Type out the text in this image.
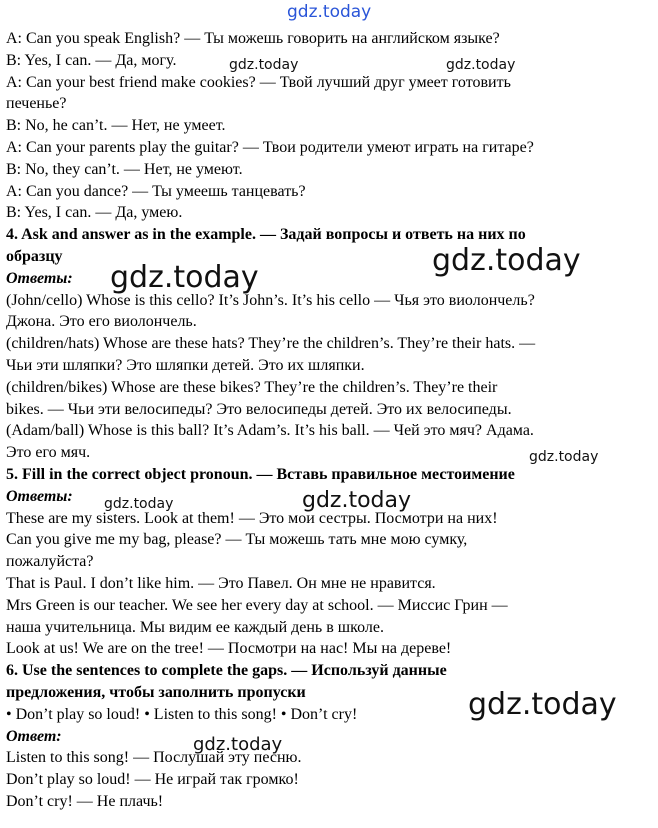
A: Can you speak English? — Ты можешь говорить на английском языке?
B: Yes, I can. — Да, могу.
A: Can your best friend make cookies? — Твой лучший друг умеет готовить
печенье?
B: No, he can’t. — Нет, не умеет.
A: Can your parents play the guitar? — Твои родители умеют играть на гитаре?
B: No, they can’t. — Нет, не умеют.
A: Can you dance? — Ты умеешь танцевать?
B: Yes, I can. — Да, умею.
4. Ask and answer as in the example. — Задай вопросы и ответь на них по
образцу
Ответы:
(John/cello) Whose is this cello? It’s John’s. It’s his cello — Чья это виолончель?
Джона. Это его виолончель.
(children/hats) Whose are these hats? They’re the children’s. They’re their hats. —
Чьи эти шляпки? Это шляпки детей. Это их шляпки.
(children/bikes) Whose are these bikes? They’re the children’s. They’re their
bikes. — Чьи эти велосипеды? Это велосипеды детей. Это их велосипеды.
(Adam/ball) Whose is this ball? It’s Adam’s. It’s his ball. — Чей это мяч? Адама.
Это его мяч.
5. Fill in the correct object pronoun. — Вставь правильное местоимение
Ответы:
These are my sisters. Look at them! — Это мои сестры. Посмотри на них!
Can you give me my bag, please? — Ты можешь тать мне мою сумку,
пожалуйста?
That is Paul. I don’t like him. — Это Павел. Он мне не нравится.
Mrs Green is our teacher. We see her every day at school. — Миссис Грин —
наша учительница. Мы видим ее каждый день в школе.
Look at us! We are on the tree! — Посмотри на нас! Мы на дереве!
6. Use the sentences to complete the gaps. — Используй данные
предложения, чтобы заполнить пропуски
• Don’t play so loud! • Listen to this song! • Don’t cry!
Ответ:
Listen to this song! — Послушай эту песню.
Don’t play so loud! — Не играй так громко!
Don’t cry! — Не плачь!
gdz.today
gdz.today	gdz.today
gdz.today
gdz.today
gdz.today
gdz.today	gdz.today
gdz.today
gdz.today
